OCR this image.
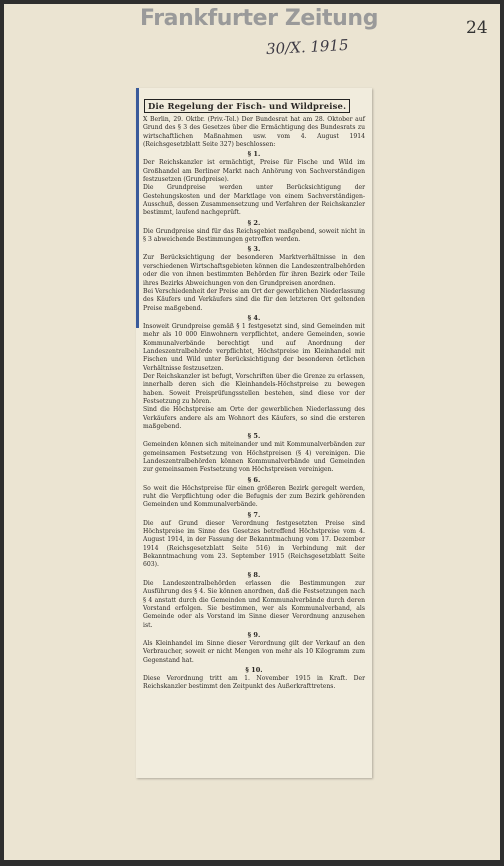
Frankfurter Zeitung
30/X. 1915
24
Die Regelung der Fisch- und Wildpreise.

X Berlin, 29. Oktbr. (Priv.-Tel.) Der Bundesrat hat am 28. Oktober auf Grund des § 3 des Gesetzes über die Ermächtigung des Bundesrats zu wirtschaftlichen Maßnahmen usw. vom 4. August 1914 (Reichsgesetzblatt Seite 327) beschlossen:

§ 1.

Der Reichskanzler ist ermächtigt, Preise für Fische und Wild im Großhandel am Berliner Markt nach Anhörung von Sachverständigen festzusetzen (Grundpreise).

Die Grundpreise werden unter Berücksichtigung der Gestehungskosten und der Marktlage von einem Sachverständigen-Ausschuß, dessen Zusammensetzung und Verfahren der Reichskanzler bestimmt, laufend nachgeprüft.

§ 2.

Die Grundpreise sind für das Reichsgebiet maßgebend, soweit nicht in § 3 abweichende Bestimmungen getroffen werden.

§ 3.

Zur Berücksichtigung der besonderen Marktverhältnisse in den verschiedenen Wirtschaftsgebieten können die Landeszentralbehörden oder die von ihnen bestimmten Behörden für ihren Bezirk oder Teile ihres Bezirks Abweichungen von den Grundpreisen anordnen.

Bei Verschiedenheit der Preise am Ort der gewerblichen Niederlassung des Käufers und Verkäufers sind die für den letzteren Ort geltenden Preise maßgebend.

§ 4.

Insoweit Grundpreise gemäß § 1 festgesetzt sind, sind Gemeinden mit mehr als 10 000 Einwohnern verpflichtet, andere Gemeinden, sowie Kommunalverbände berechtigt und auf Anordnung der Landeszentralbehörde verpflichtet, Höchstpreise im Kleinhandel mit Fischen und Wild unter Berücksichtigung der besonderen örtlichen Verhältnisse festzusetzen.

Der Reichskanzler ist befugt, Vorschriften über die Grenze zu erlassen, innerhalb deren sich die Kleinhandels-Höchstpreise zu bewegen haben. Soweit Preisprüfungsstellen bestehen, sind diese vor der Festsetzung zu hören.

Sind die Höchstpreise am Orte der gewerblichen Niederlassung des Verkäufers andere als am Wohnort des Käufers, so sind die ersteren maßgebend.

§ 5.

Gemeinden können sich miteinander und mit Kommunalverbänden zur gemeinsamen Festsetzung von Höchstpreisen (§ 4) vereinigen. Die Landeszentralbehörden können Kommunalverbände und Gemeinden zur gemeinsamen Festsetzung von Höchstpreisen vereinigen.

§ 6.

So weit die Höchstpreise für einen größeren Bezirk geregelt werden, ruht die Verpflichtung oder die Befugnis der zum Bezirk gehörenden Gemeinden und Kommunalverbände.

§ 7.

Die auf Grund dieser Verordnung festgesetzten Preise sind Höchstpreise im Sinne des Gesetzes betreffend Höchstpreise vom 4. August 1914, in der Fassung der Bekanntmachung vom 17. Dezember 1914 (Reichsgesetzblatt Seite 516) in Verbindung mit der Bekanntmachung vom 23. September 1915 (Reichsgesetzblatt Seite 603).

§ 8.

Die Landeszentralbehörden erlassen die Bestimmungen zur Ausführung des § 4. Sie können anordnen, daß die Festsetzungen nach § 4 anstatt durch die Gemeinden und Kommunalverbände durch deren Vorstand erfolgen. Sie bestimmen, wer als Kommunalverband, als Gemeinde oder als Vorstand im Sinne dieser Verordnung anzusehen ist.

§ 9.

Als Kleinhandel im Sinne dieser Verordnung gilt der Verkauf an den Verbraucher, soweit er nicht Mengen von mehr als 10 Kilogramm zum Gegenstand hat.

§ 10.

Diese Verordnung tritt am 1. November 1915 in Kraft. Der Reichskanzler bestimmt den Zeitpunkt des Außerkrafttretens.
